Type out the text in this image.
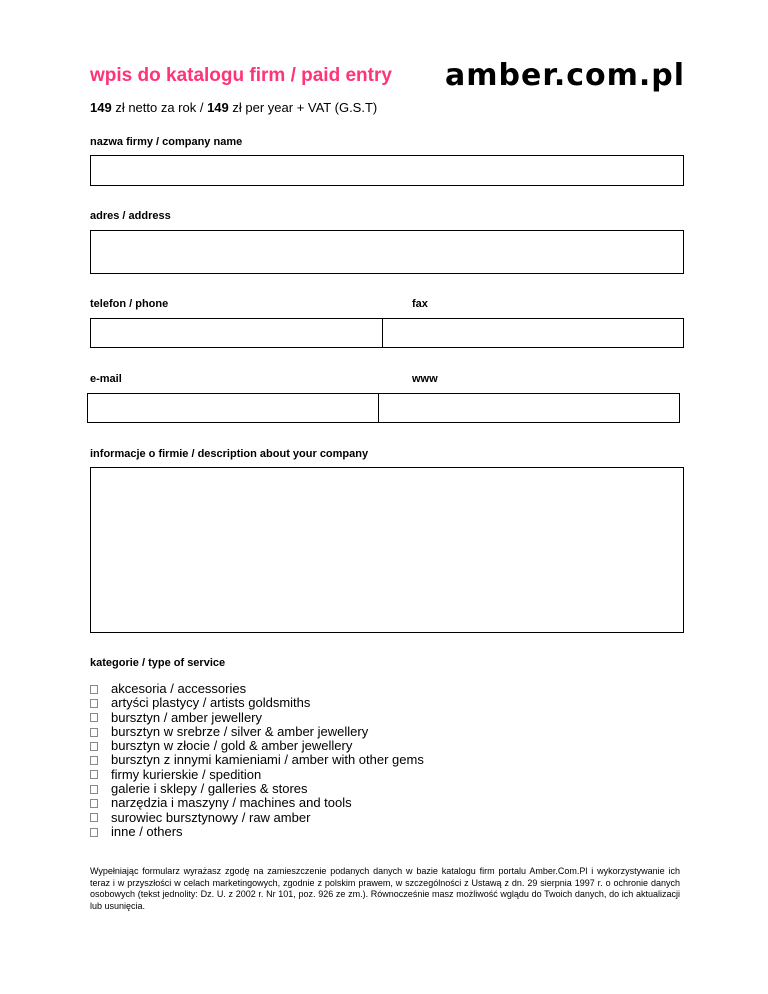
wpis do katalogu firm / paid entry amber.com.pl
149 zł netto za rok / 149 zł per year + VAT (G.S.T)
nazwa firmy / company name
adres / address
telefon / phone	fax
e-mail	www
informacje o firmie / description about your company
kategorie / type of service
akcesoria / accessories
artyści plastycy / artists goldsmiths
bursztyn / amber jewellery
bursztyn w srebrze / silver & amber jewellery
bursztyn w złocie / gold & amber jewellery
bursztyn z innymi kamieniami / amber with other gems
firmy kurierskie / spedition
galerie i sklepy / galleries & stores
narzędzia i maszyny / machines and tools
surowiec bursztynowy / raw amber
inne / others
Wypełniając formularz wyrażasz zgodę na zamieszczenie podanych danych w bazie katalogu firm portalu Amber.Com.Pl i wykorzystywanie ich teraz i w przyszłości w celach marketingowych, zgodnie z polskim prawem, w szczególności z Ustawą z dn. 29 sierpnia 1997 r. o ochronie danych osobowych (tekst jednolity: Dz. U. z 2002 r. Nr 101, poz. 926 ze zm.). Równocześnie masz możliwość wglądu do Twoich danych, do ich aktualizacji lub usunięcia.
